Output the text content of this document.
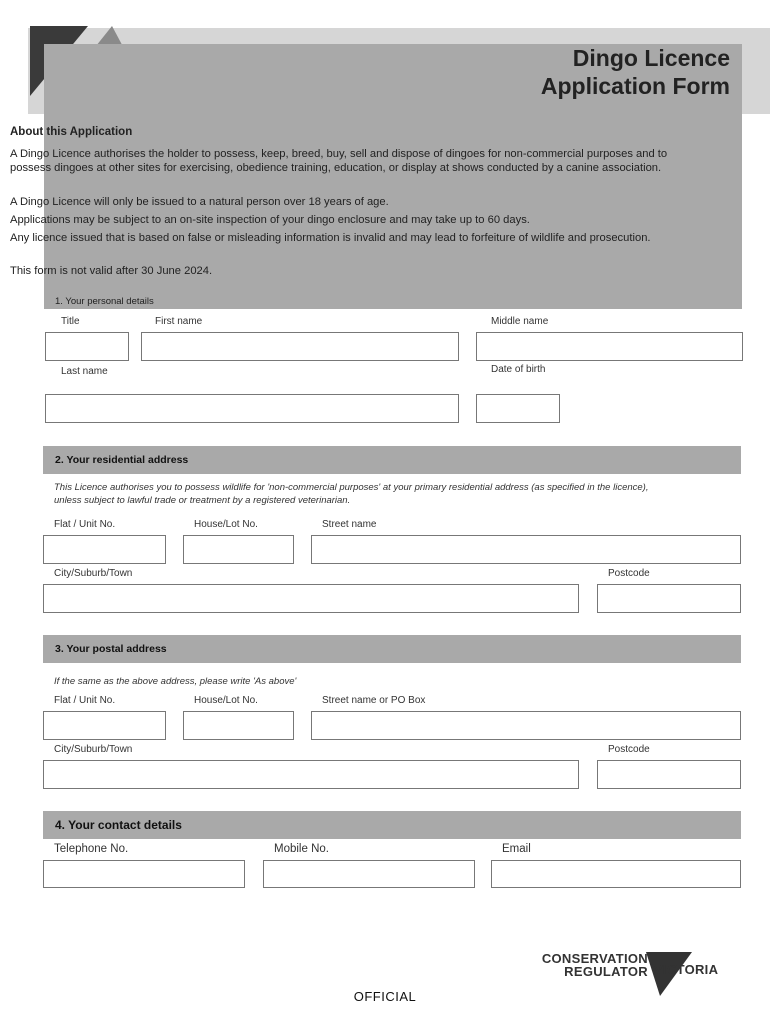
Dingo Licence
Application Form
About this Application

A Dingo Licence authorises the holder to possess, keep, breed, buy, sell and dispose of dingoes for non-commercial purposes and to possess dingoes at other sites for exercising, obedience training, education, or display at shows conducted by a canine association.

A Dingo Licence will only be issued to a natural person over 18 years of age.

Applications may be subject to an on-site inspection of your dingo enclosure and may take up to 60 days.

Any licence issued that is based on false or misleading information is invalid and may lead to forfeiture of wildlife and prosecution.

This form is not valid after 30 June 2024.

1. Your personal details
Title	First name	Middle name
Last name	Date of birth
2. Your residential address
This Licence authorises you to possess wildlife for 'non-commercial purposes' at your primary residential address (as specified in the licence), unless subject to lawful trade or treatment by a registered veterinarian.
Flat / Unit No.	House/Lot No.	Street name
City/Suburb/Town	Postcode
3. Your postal address
If the same as the above address, please write 'As above'
Flat / Unit No.	House/Lot No.	Street name or PO Box
City/Suburb/Town	Postcode
4. Your contact details
Telephone No.	Mobile No.	Email
CONSERVATION
REGULATOR VICTORIA
OFFICIAL
